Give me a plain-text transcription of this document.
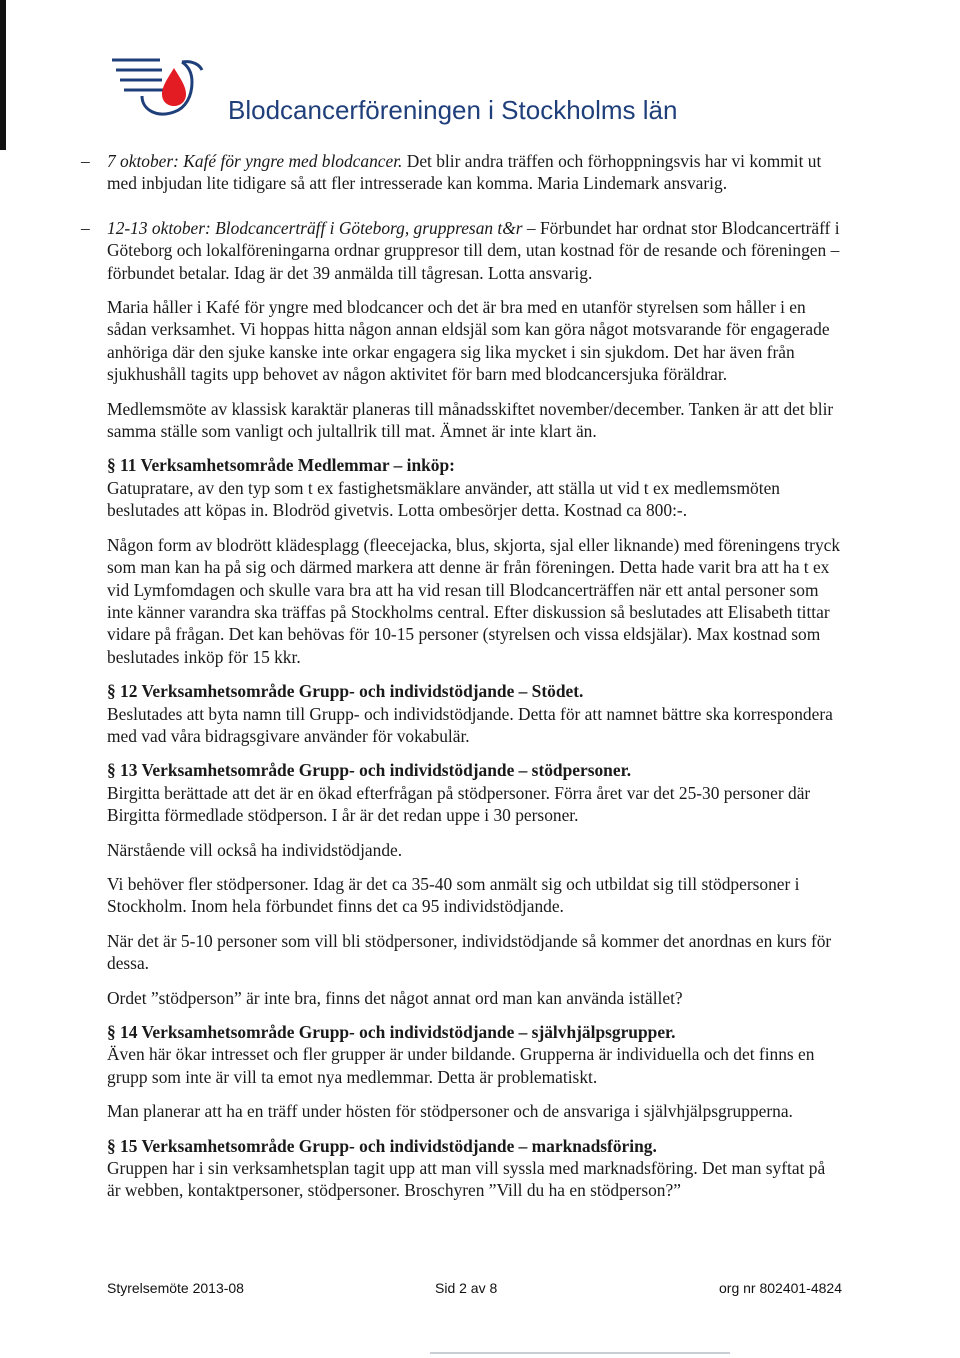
Blodcancerföreningen i Stockholms län
– 7 oktober: Kafé för yngre med blodcancer. Det blir andra träffen och förhoppningsvis har vi kommit ut med inbjudan lite tidigare så att fler intresserade kan komma. Maria Lindemark ansvarig.
– 12-13 oktober: Blodcancerträff i Göteborg, gruppresan t&r – Förbundet har ordnat stor Blodcancerträff i Göteborg och lokalföreningarna ordnar gruppresor till dem, utan kostnad för de resande och föreningen – förbundet betalar. Idag är det 39 anmälda till tågresan. Lotta ansvarig.

Maria håller i Kafé för yngre med blodcancer och det är bra med en utanför styrelsen som håller i en sådan verksamhet. Vi hoppas hitta någon annan eldsjäl som kan göra något motsvarande för engagerade anhöriga där den sjuke kanske inte orkar engagera sig lika mycket i sin sjukdom. Det har även från sjukhushåll tagits upp behovet av någon aktivitet för barn med blodcancersjuka föräldrar.

Medlemsmöte av klassisk karaktär planeras till månadsskiftet november/december. Tanken är att det blir samma ställe som vanligt och jultallrik till mat. Ämnet är inte klart än.

§ 11 Verksamhetsområde Medlemmar – inköp:

Gatupratare, av den typ som t ex fastighetsmäklare använder, att ställa ut vid t ex medlemsmöten beslutades att köpas in. Blodröd givetvis. Lotta ombesörjer detta. Kostnad ca 800:-.

Någon form av blodrött klädesplagg (fleecejacka, blus, skjorta, sjal eller liknande) med föreningens tryck som man kan ha på sig och därmed markera att denne är från föreningen. Detta hade varit bra att ha t ex vid Lymfomdagen och skulle vara bra att ha vid resan till Blodcancerträffen när ett antal personer som inte känner varandra ska träffas på Stockholms central. Efter diskussion så beslutades att Elisabeth tittar vidare på frågan. Det kan behövas för 10-15 personer (styrelsen och vissa eldsjälar). Max kostnad som beslutades inköp för 15 kkr.

§ 12 Verksamhetsområde Grupp- och individstödjande – Stödet.

Beslutades att byta namn till Grupp- och individstödjande. Detta för att namnet bättre ska korrespondera med vad våra bidragsgivare använder för vokabulär.

§ 13 Verksamhetsområde Grupp- och individstödjande – stödpersoner.

Birgitta berättade att det är en ökad efterfrågan på stödpersoner. Förra året var det 25-30 personer där Birgitta förmedlade stödperson. I år är det redan uppe i 30 personer.

Närstående vill också ha individstödjande.

Vi behöver fler stödpersoner. Idag är det ca 35-40 som anmält sig och utbildat sig till stödpersoner i Stockholm. Inom hela förbundet finns det ca 95 individstödjande.

När det är 5-10 personer som vill bli stödpersoner, individstödjande så kommer det anordnas en kurs för dessa.

Ordet ”stödperson” är inte bra, finns det något annat ord man kan använda istället?

§ 14 Verksamhetsområde Grupp- och individstödjande – självhjälpsgrupper.

Även här ökar intresset och fler grupper är under bildande. Grupperna är individuella och det finns en grupp som inte är vill ta emot nya medlemmar. Detta är problematiskt.

Man planerar att ha en träff under hösten för stödpersoner och de ansvariga i självhjälpsgrupperna.

§ 15 Verksamhetsområde Grupp- och individstödjande – marknadsföring.

Gruppen har i sin verksamhetsplan tagit upp att man vill syssla med marknadsföring. Det man syftat på är webben, kontaktpersoner, stödpersoner. Broschyren ”Vill du ha en stödperson?”

Styrelsemöte 2013-08	Sid 2 av 8	org nr 802401-4824
